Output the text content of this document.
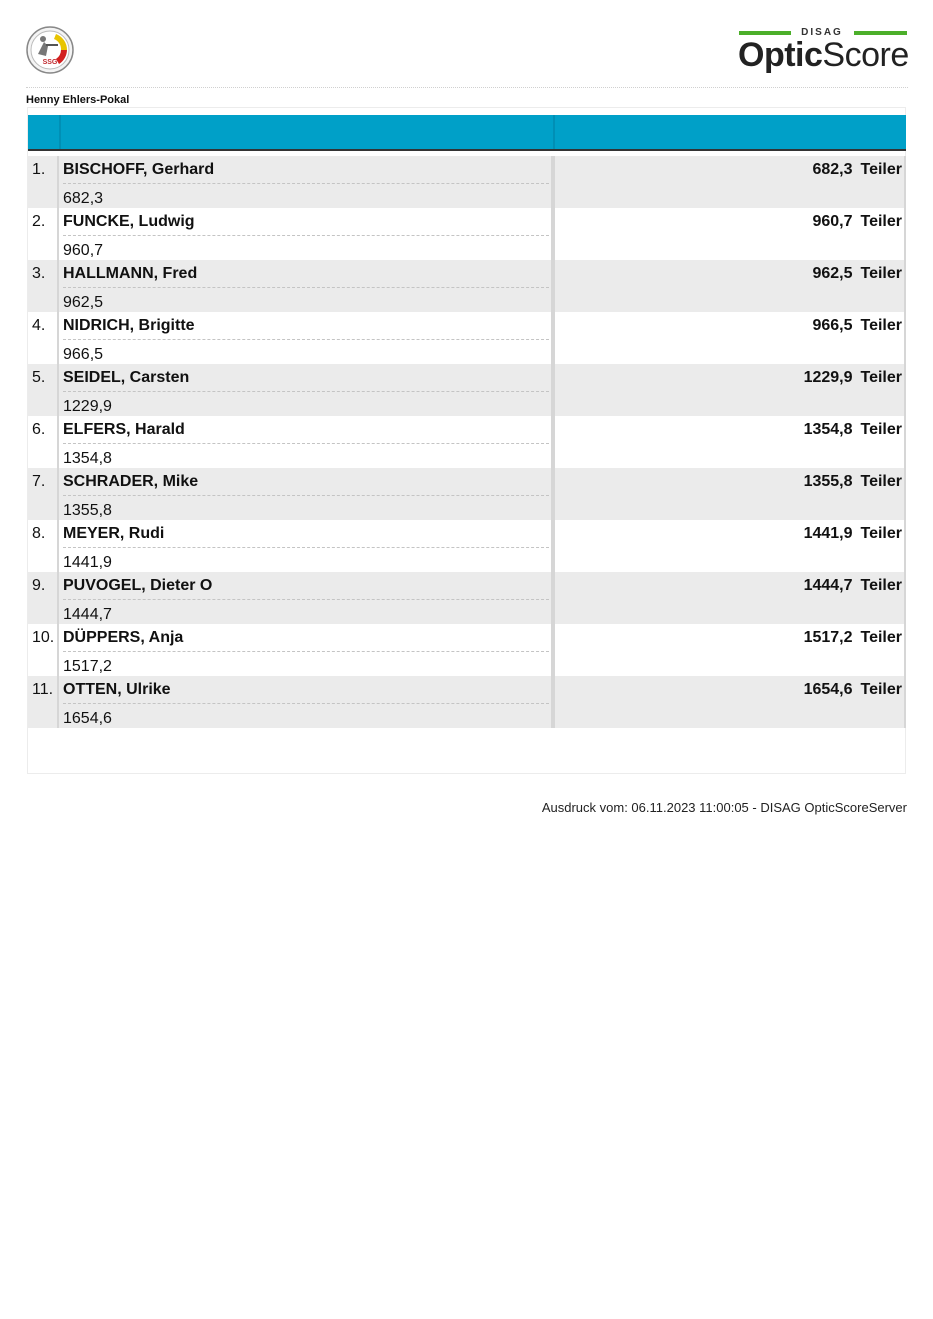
SSG
DISAG
OpticScore
Henny Ehlers-Pokal
1.	BISCHOFF, Gerhard
682,3
682,3 Teiler
2.	FUNCKE, Ludwig
960,7
960,7 Teiler
3.	HALLMANN, Fred
962,5
962,5 Teiler
4.	NIDRICH, Brigitte
966,5
966,5 Teiler
5.	SEIDEL, Carsten
1229,9
1229,9 Teiler
6.	ELFERS, Harald
1354,8
1354,8 Teiler
7.	SCHRADER, Mike
1355,8
1355,8 Teiler
8.	MEYER, Rudi
1441,9
1441,9 Teiler
9.	PUVOGEL, Dieter O
1444,7
1444,7 Teiler
10. DÜPPERS, Anja
1517,2
1517,2 Teiler
11. OTTEN, Ulrike
1654,6
1654,6 Teiler
Ausdruck vom: 06.11.2023 11:00:05 - DISAG OpticScoreServer
